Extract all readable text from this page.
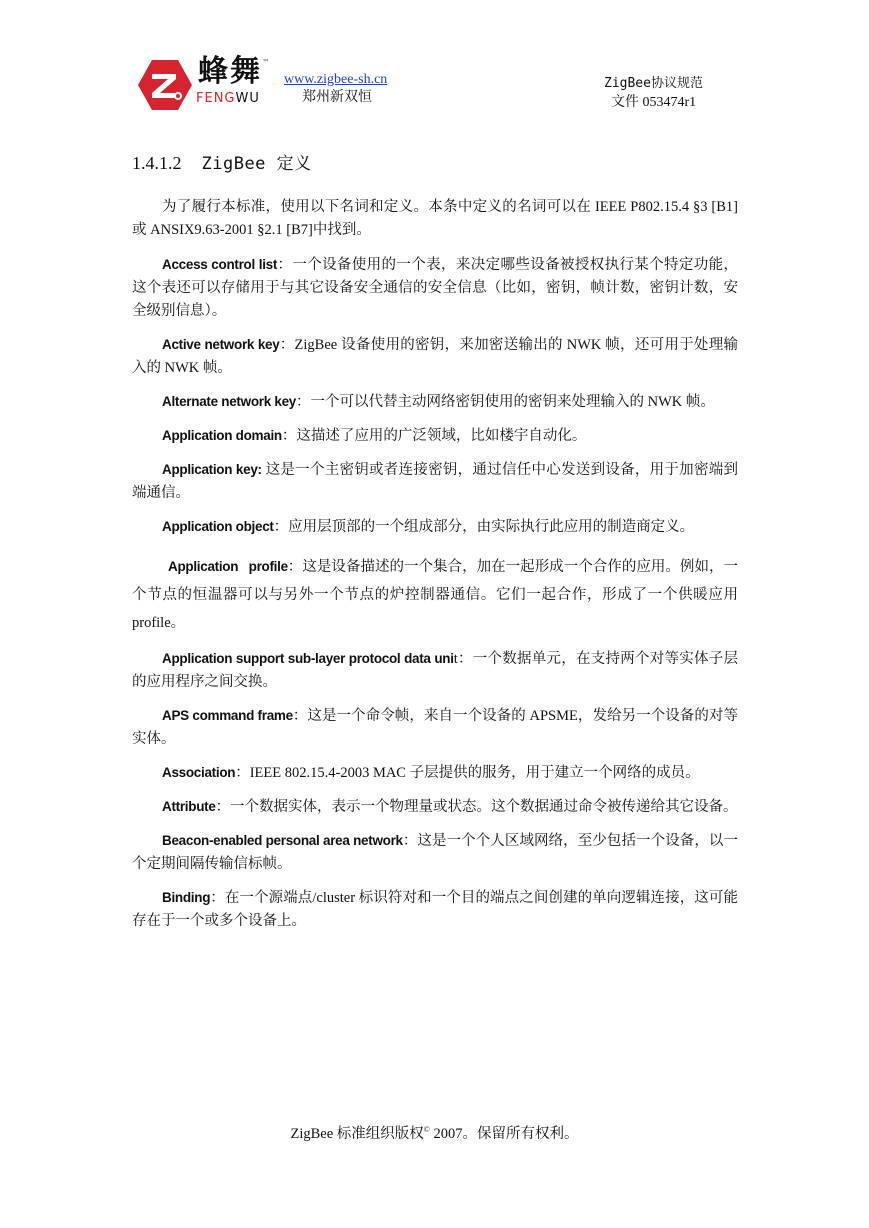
蜂舞 ™
FENGWU
www.zigbee-sh.cn
郑州新双恒
ZigBee协议规范
文件 053474r1
1.4.1.2 ZigBee 定义

为了履行本标准，使用以下名词和定义。本条中定义的名词可以在 IEEE P802.15.4 §3 [B1] 或 ANSIX9.63-2001 §2.1 [B7]中找到。

Access control list：一个设备使用的一个表，来决定哪些设备被授权执行某个特定功能，这个表还可以存储用于与其它设备安全通信的安全信息（比如，密钥，帧计数，密钥计数，安全级别信息）。

Active network key：ZigBee 设备使用的密钥，来加密送输出的 NWK 帧，还可用于处理输入的 NWK 帧。

Alternate network key：一个可以代替主动网络密钥使用的密钥来处理输入的 NWK 帧。

Application domain：这描述了应用的广泛领域，比如楼宇自动化。

Application key: 这是一个主密钥或者连接密钥，通过信任中心发送到设备，用于加密端到端通信。

Application object：应用层顶部的一个组成部分，由实际执行此应用的制造商定义。

Application   profile：这是设备描述的一个集合，加在一起形成一个合作的应用。例如，一个节点的恒温器可以与另外一个节点的炉控制器通信。它们一起合作，形成了一个供暖应用 profile。

Application support sub-layer protocol data unit：一个数据单元，在支持两个对等实体子层的应用程序之间交换。

APS command frame：这是一个命令帧，来自一个设备的 APSME，发给另一个设备的对等实体。

Association：IEEE 802.15.4-2003 MAC 子层提供的服务，用于建立一个网络的成员。

Attribute：一个数据实体，表示一个物理量或状态。这个数据通过命令被传递给其它设备。

Beacon-enabled personal area network：这是一个个人区域网络，至少包括一个设备，以一个定期间隔传输信标帧。

Binding：在一个源端点/cluster 标识符对和一个目的端点之间创建的单向逻辑连接，这可能存在于一个或多个设备上。

ZigBee 标准组织版权© 2007。保留所有权利。
